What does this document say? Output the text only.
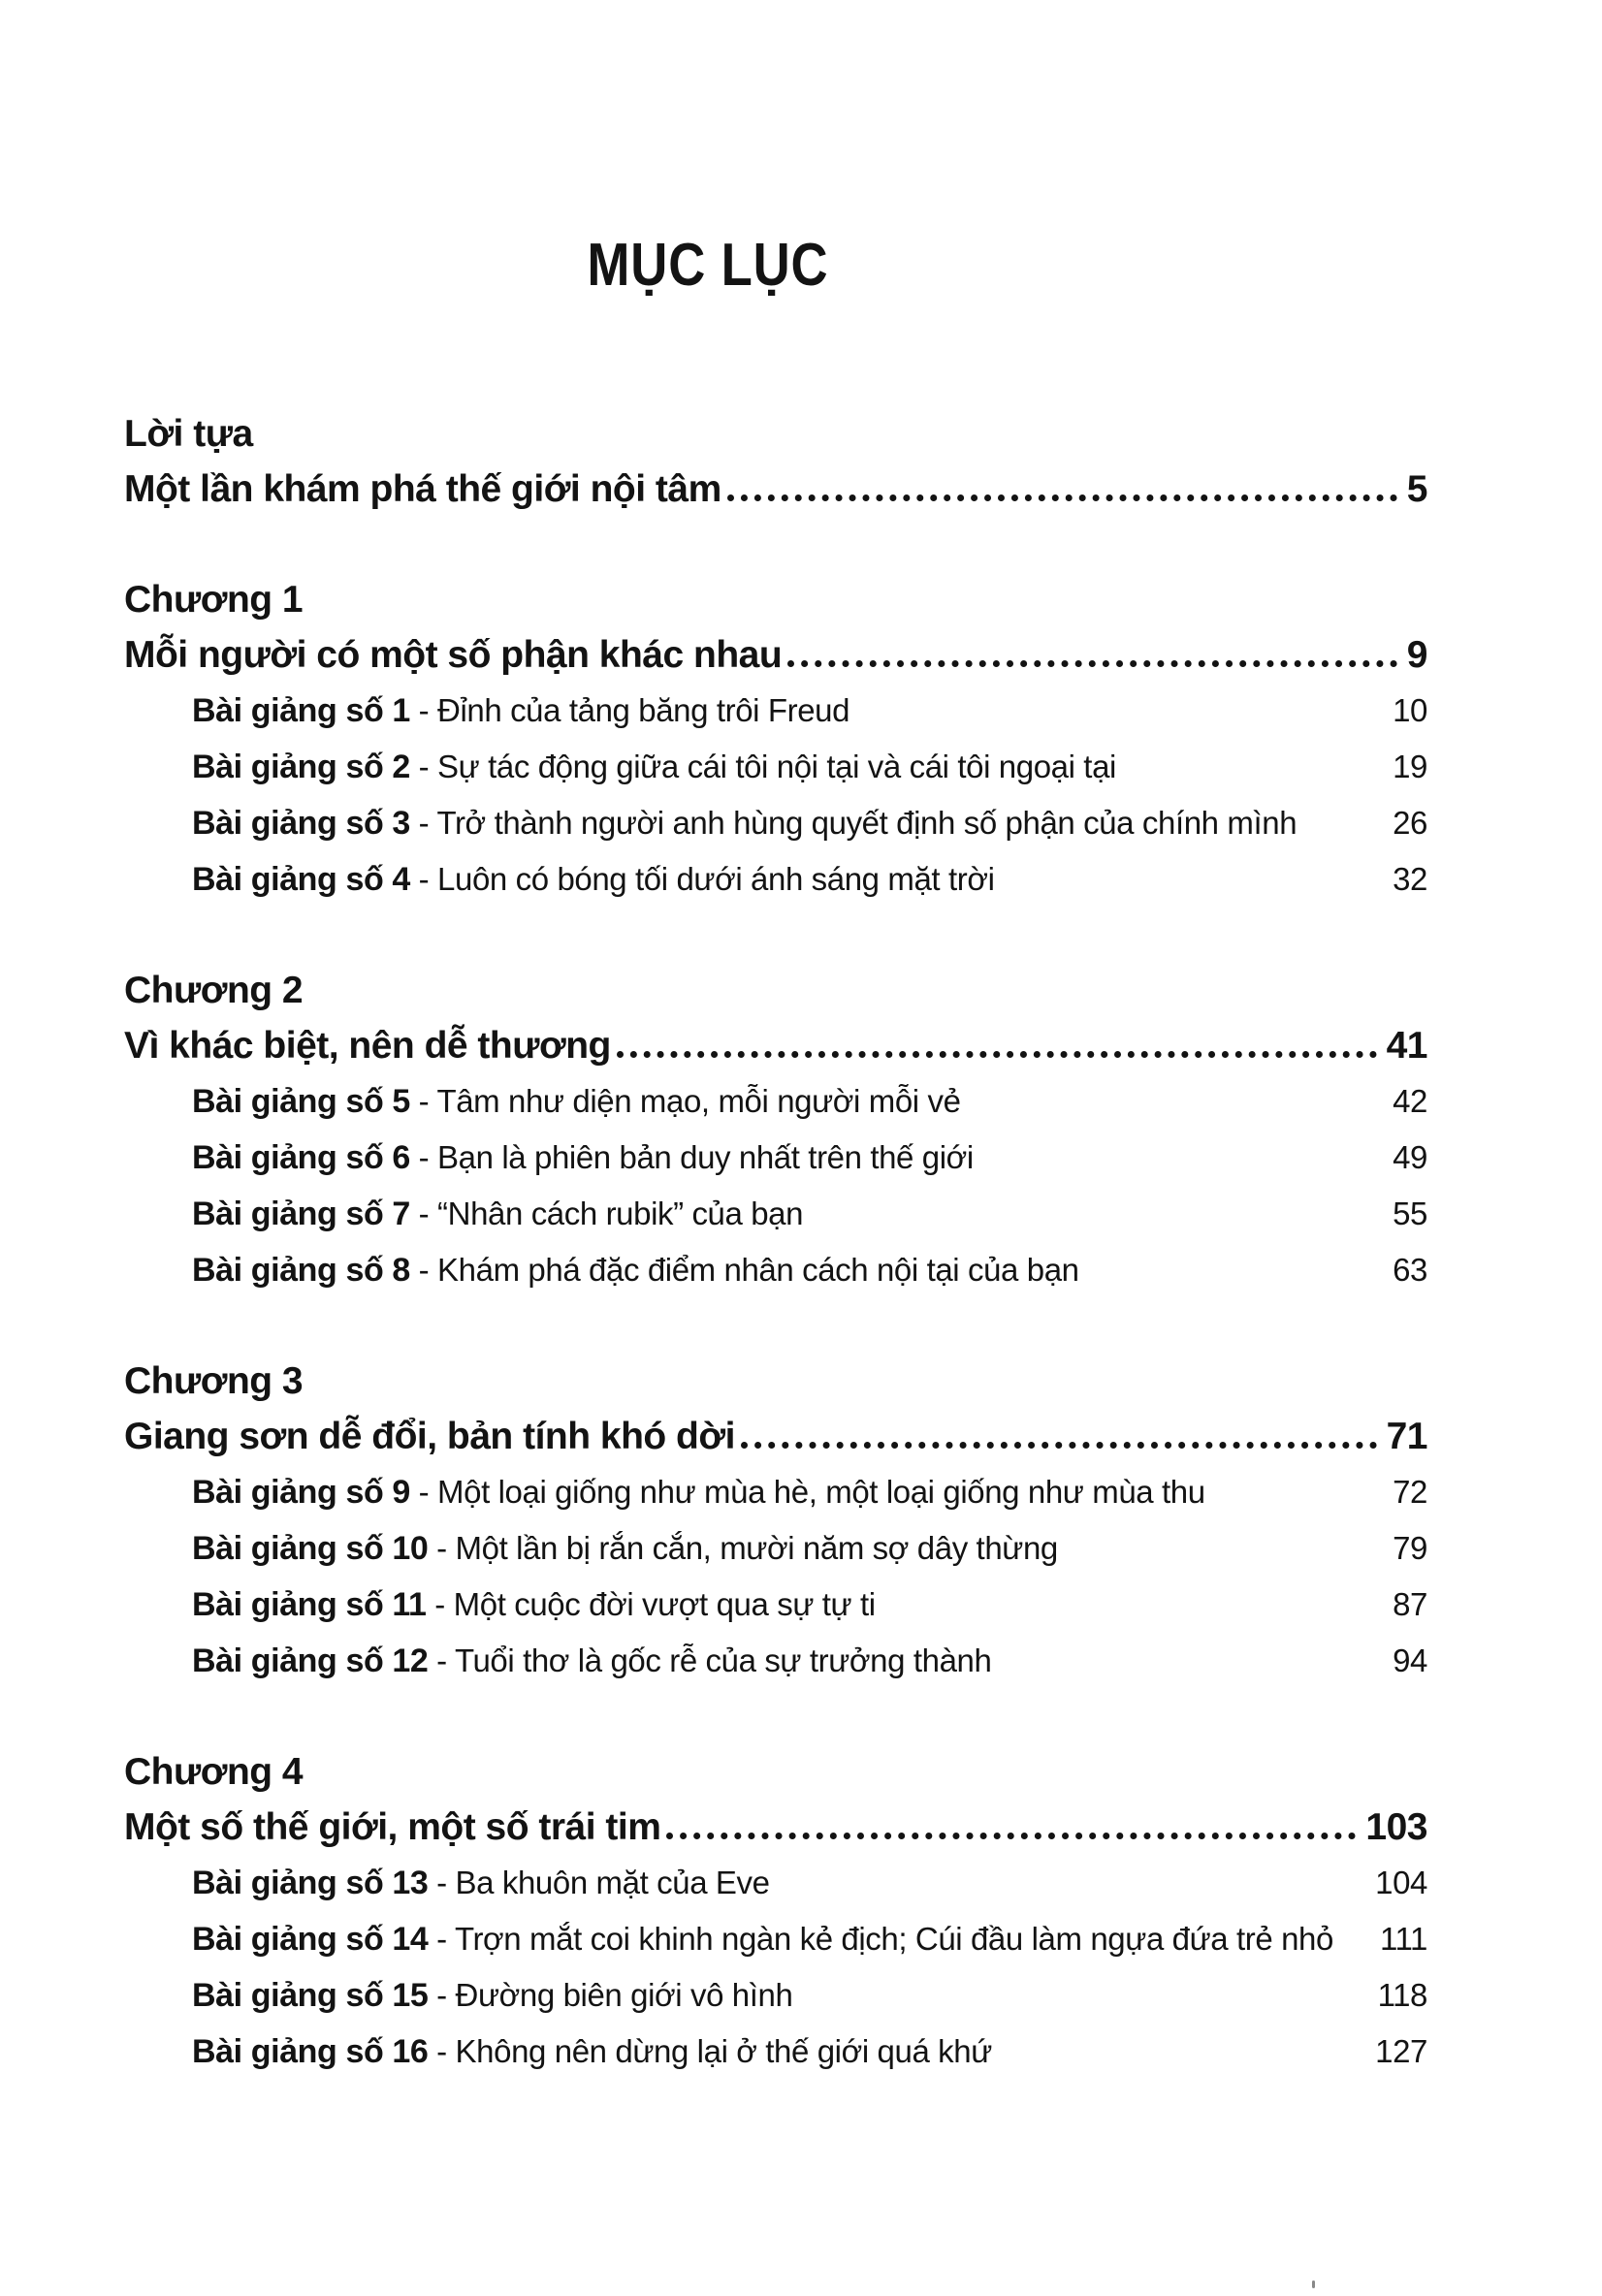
MỤC LỤC
Lời tựa
Một lần khám phá thế giới nội tâm	5
Chương 1
Mỗi người có một số phận khác nhau	9
Bài giảng số 1 - Đỉnh của tảng băng trôi Freud	10
Bài giảng số 2 - Sự tác động giữa cái tôi nội tại và cái tôi ngoại tại	19
Bài giảng số 3 - Trở thành người anh hùng quyết định số phận của chính mình	26
Bài giảng số 4 - Luôn có bóng tối dưới ánh sáng mặt trời	32
Chương 2
Vì khác biệt, nên dễ thương	41
Bài giảng số 5 - Tâm như diện mạo, mỗi người mỗi vẻ	42
Bài giảng số 6 - Bạn là phiên bản duy nhất trên thế giới	49
Bài giảng số 7 - “Nhân cách rubik” của bạn	55
Bài giảng số 8 - Khám phá đặc điểm nhân cách nội tại của bạn	63
Chương 3
Giang sơn dễ đổi, bản tính khó dời	71
Bài giảng số 9 - Một loại giống như mùa hè, một loại giống như mùa thu	72
Bài giảng số 10 - Một lần bị rắn cắn, mười năm sợ dây thừng	79
Bài giảng số 11 - Một cuộc đời vượt qua sự tự ti	87
Bài giảng số 12 - Tuổi thơ là gốc rễ của sự trưởng thành	94
Chương 4
Một số thế giới, một số trái tim	103
Bài giảng số 13 - Ba khuôn mặt của Eve	104
Bài giảng số 14 - Trợn mắt coi khinh ngàn kẻ địch; Cúi đầu làm ngựa đứa trẻ nhỏ	111
Bài giảng số 15 - Đường biên giới vô hình	118
Bài giảng số 16 - Không nên dừng lại ở thế giới quá khứ	127
